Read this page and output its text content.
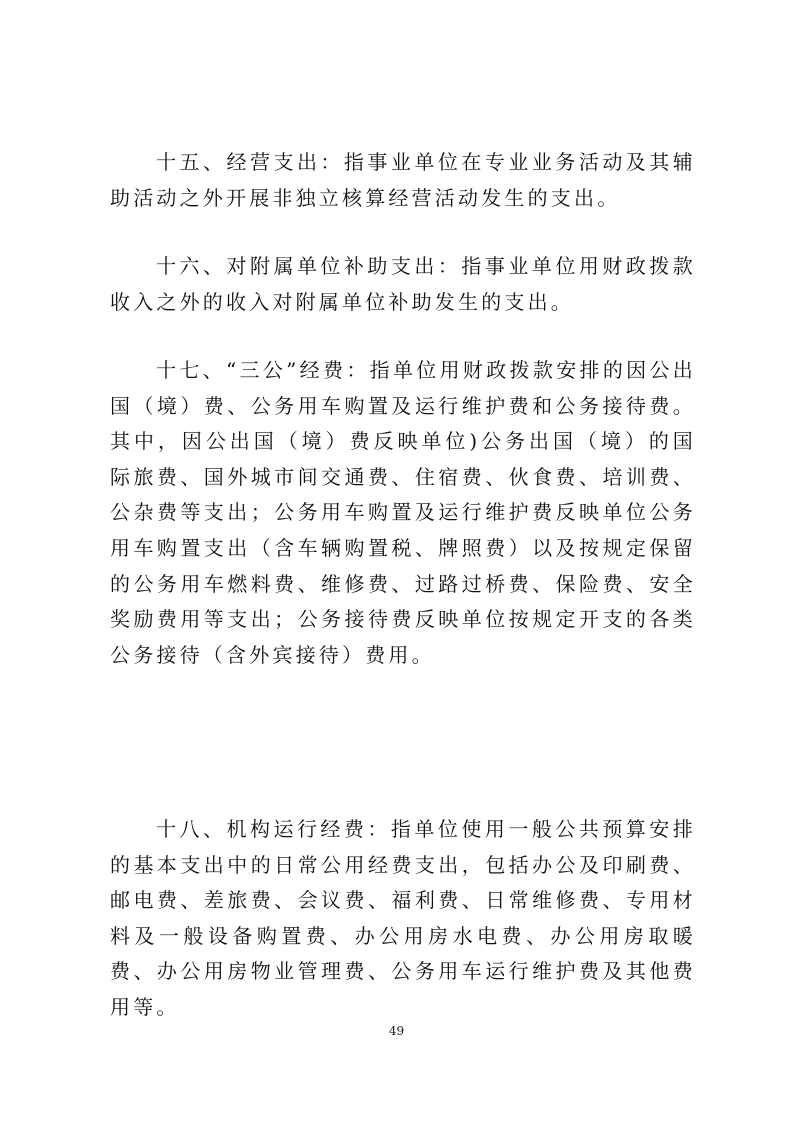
十五、经营支出：指事业单位在专业业务活动及其辅助活动之外开展非独立核算经营活动发生的支出。

十六、对附属单位补助支出：指事业单位用财政拨款收入之外的收入对附属单位补助发生的支出。

十七、“三公”经费：指单位用财政拨款安排的因公出国（境）费、公务用车购置及运行维护费和公务接待费。其中，因公出国（境）费反映单位)公务出国（境）的国际旅费、国外城市间交通费、住宿费、伙食费、培训费、公杂费等支出；公务用车购置及运行维护费反映单位公务用车购置支出（含车辆购置税、牌照费）以及按规定保留的公务用车燃料费、维修费、过路过桥费、保险费、安全奖励费用等支出；公务接待费反映单位按规定开支的各类公务接待（含外宾接待）费用。

十八、机构运行经费：指单位使用一般公共预算安排的基本支出中的日常公用经费支出，包括办公及印刷费、邮电费、差旅费、会议费、福利费、日常维修费、专用材料及一般设备购置费、办公用房水电费、办公用房取暖费、办公用房物业管理费、公务用车运行维护费及其他费用等。

49
